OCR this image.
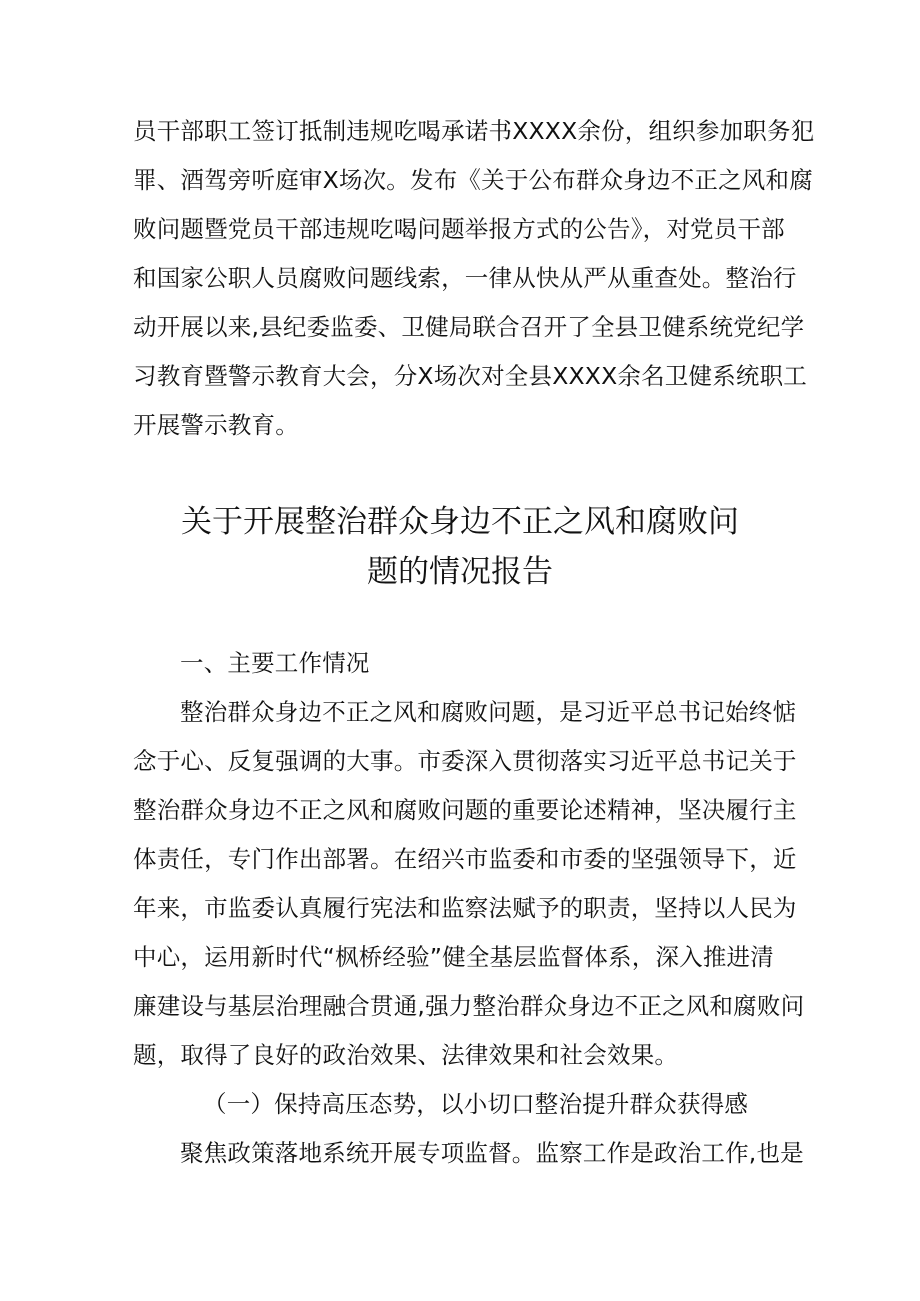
员干部职工签订抵制违规吃喝承诺书XXXX余份，组织参加职务犯

罪、酒驾旁听庭审X场次。发布《关于公布群众身边不正之风和腐

败问题暨党员干部违规吃喝问题举报方式的公告》，对党员干部

和国家公职人员腐败问题线索，一律从快从严从重查处。整治行

动开展以来,县纪委监委、卫健局联合召开了全县卫健系统党纪学

习教育暨警示教育大会，分X场次对全县XXXX余名卫健系统职工

开展警示教育。

关于开展整治群众身边不正之风和腐败问
题的情况报告

一、主要工作情况

整治群众身边不正之风和腐败问题，是习近平总书记始终惦

念于心、反复强调的大事。市委深入贯彻落实习近平总书记关于

整治群众身边不正之风和腐败问题的重要论述精神，坚决履行主

体责任，专门作出部署。在绍兴市监委和市委的坚强领导下，近

年来，市监委认真履行宪法和监察法赋予的职责，坚持以人民为

中心，运用新时代“枫桥经验”健全基层监督体系，深入推进清

廉建设与基层治理融合贯通,强力整治群众身边不正之风和腐败问

题，取得了良好的政治效果、法律效果和社会效果。

（一）保持高压态势，以小切口整治提升群众获得感

聚焦政策落地系统开展专项监督。监察工作是政治工作,也是
